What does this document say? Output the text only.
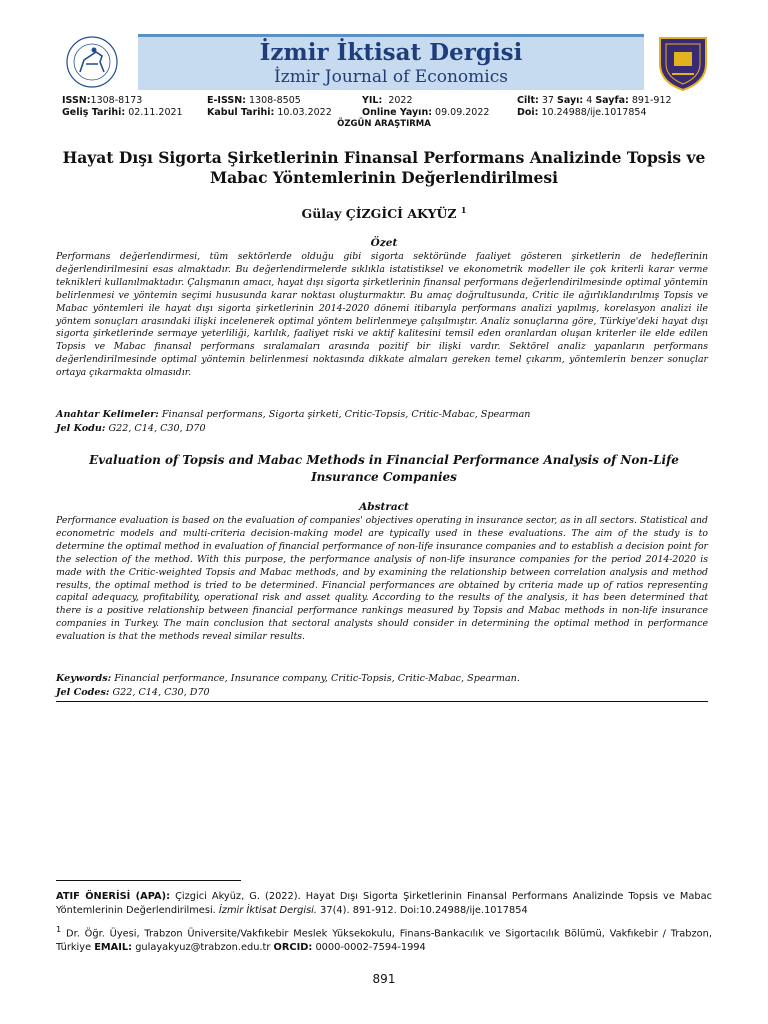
İzmir İktisat Dergisi
İzmir Journal of Economics
ISSN:1308-8173	E-ISSN: 1308-8505	YIL: 2022	Cilt: 37 Sayı: 4 Sayfa: 891-912
Geliş Tarihi: 02.11.2021	Kabul Tarihi: 10.03.2022	Online Yayın: 09.09.2022	Doi: 10.24988/ije.1017854
ÖZGÜN ARAŞTIRMA
Hayat Dışı Sigorta Şirketlerinin Finansal Performans Analizinde Topsis ve Mabac Yöntemlerinin Değerlendirilmesi
Gülay ÇİZGİCİ AKYÜZ $^1$
Özet
Performans değerlendirmesi, tüm sektörlerde olduğu gibi sigorta sektöründe faaliyet gösteren şirketlerin de hedeflerinin değerlendirilmesini esas almaktadır. Bu değerlendirmelerde sıklıkla istatistiksel ve ekonometrik modeller ile çok kriterli karar verme teknikleri kullanılmaktadır. Çalışmanın amacı, hayat dışı sigorta şirketlerinin finansal performans değerlendirilmesinde optimal yöntemin belirlenmesi ve yöntemin seçimi hususunda karar noktası oluşturmaktır. Bu amaç doğrultusunda, Critic ile ağırlıklandırılmış Topsis ve Mabac yöntemleri ile hayat dışı sigorta şirketlerinin 2014-2020 dönemi itibarıyla performans analizi yapılmış, korelasyon analizi ile yöntem sonuçları arasındaki ilişki incelenerek optimal yöntem belirlenmeye çalışılmıştır. Analiz sonuçlarına göre, Türkiye'deki hayat dışı sigorta şirketlerinde sermaye yeterliliği, karlılık, faaliyet riski ve aktif kalitesini temsil eden oranlardan oluşan kriterler ile elde edilen Topsis ve Mabac finansal performans sıralamaları arasında pozitif bir ilişki vardır. Sektörel analiz yapanların performans değerlendirilmesinde optimal yöntemin belirlenmesi noktasında dikkate almaları gereken temel çıkarım, yöntemlerin benzer sonuçlar ortaya çıkarmakta olmasıdır.
Anahtar Kelimeler: Finansal performans, Sigorta şirketi, Critic-Topsis, Critic-Mabac, Spearman
Jel Kodu: G22, C14, C30, D70
Evaluation of Topsis and Mabac Methods in Financial Performance Analysis of Non-Life Insurance Companies
Abstract
Performance evaluation is based on the evaluation of companies' objectives operating in insurance sector, as in all sectors. Statistical and econometric models and multi-criteria decision-making model are typically used in these evaluations. The aim of the study is to determine the optimal method in evaluation of financial performance of non-life insurance companies and to establish a decision point for the selection of the method. With this purpose, the performance analysis of non-life insurance companies for the period 2014-2020 is made with the Critic-weighted Topsis and Mabac methods, and by examining the relationship between correlation analysis and method results, the optimal method is tried to be determined. Financial performances are obtained by criteria made up of ratios representing capital adequacy, profitability, operational risk and asset quality. According to the results of the analysis, it has been determined that there is a positive relationship between financial performance rankings measured by Topsis and Mabac methods in non-life insurance companies in Turkey. The main conclusion that sectoral analysts should consider in determining the optimal method in performance evaluation is that the methods reveal similar results.
Keywords: Financial performance, Insurance company, Critic-Topsis, Critic-Mabac, Spearman.
Jel Codes: G22, C14, C30, D70
ATIF ÖNERİSİ (APA): Çizgici Akyüz, G. (2022). Hayat Dışı Sigorta Şirketlerinin Finansal Performans Analizinde Topsis ve Mabac Yöntemlerinin Değerlendirilmesi. İzmir İktisat Dergisi. 37(4). 891-912. Doi:10.24988/ije.1017854
$^1$ Dr. Öğr. Üyesi, Trabzon Üniversite/Vakfıkebir Meslek Yüksekokulu, Finans-Bankacılık ve Sigortacılık Bölümü, Vakfıkebir / Trabzon, Türkiye EMAIL: gulayakyuz@trabzon.edu.tr ORCID: 0000-0002-7594-1994
891
